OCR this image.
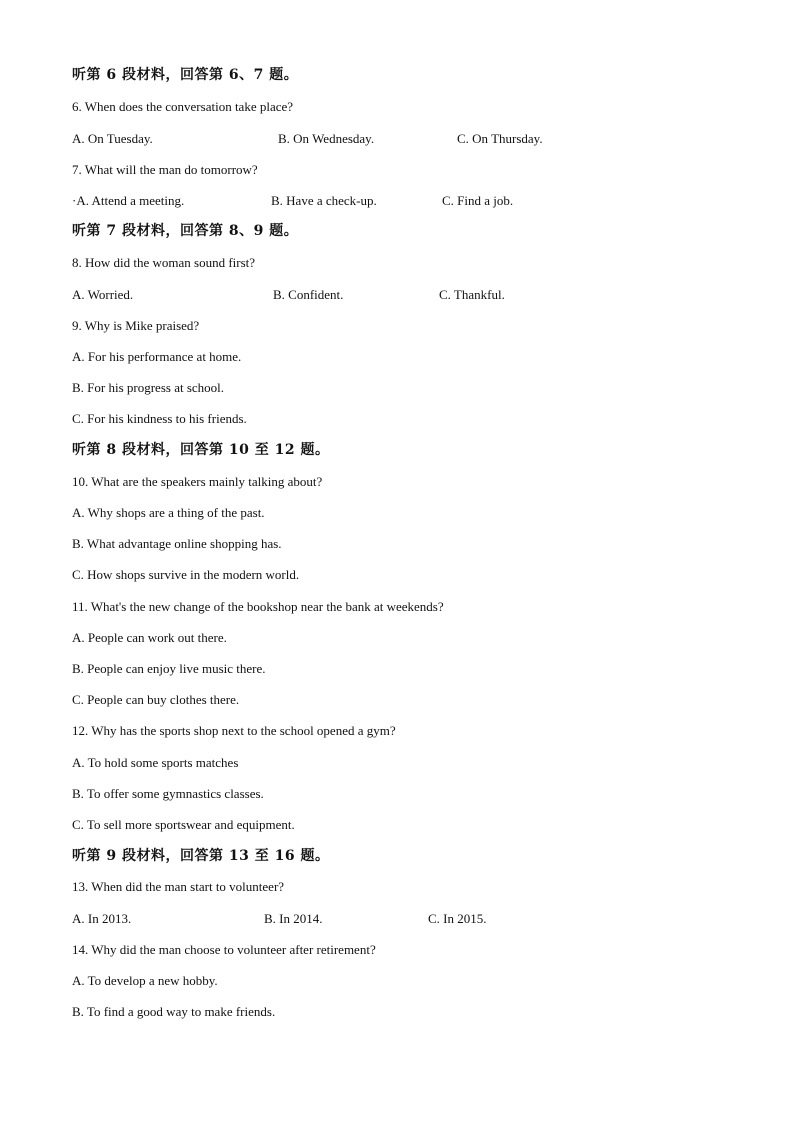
听第 6 段材料，回答第 6、7 题。
6. When does the conversation take place?
A. On Tuesday.	B. On Wednesday.	C. On Thursday.
7. What will the man do tomorrow?
·A. Attend a meeting.	B. Have a check-up.	C. Find a job.
听第 7 段材料，回答第 8、9 题。
8. How did the woman sound first?
A. Worried.	B. Confident.	C. Thankful.
9. Why is Mike praised?
A. For his performance at home.
B. For his progress at school.
C. For his kindness to his friends.
听第 8 段材料，回答第 10 至 12 题。
10. What are the speakers mainly talking about?
A. Why shops are a thing of the past.
B. What advantage online shopping has.
C. How shops survive in the modern world.
11. What's the new change of the bookshop near the bank at weekends?
A. People can work out there.
B. People can enjoy live music there.
C. People can buy clothes there.
12. Why has the sports shop next to the school opened a gym?
A. To hold some sports matches
B. To offer some gymnastics classes.
C. To sell more sportswear and equipment.
听第 9 段材料，回答第 13 至 16 题。
13. When did the man start to volunteer?
A. In 2013.	B. In 2014.	C. In 2015.
14. Why did the man choose to volunteer after retirement?
A. To develop a new hobby.
B. To find a good way to make friends.
